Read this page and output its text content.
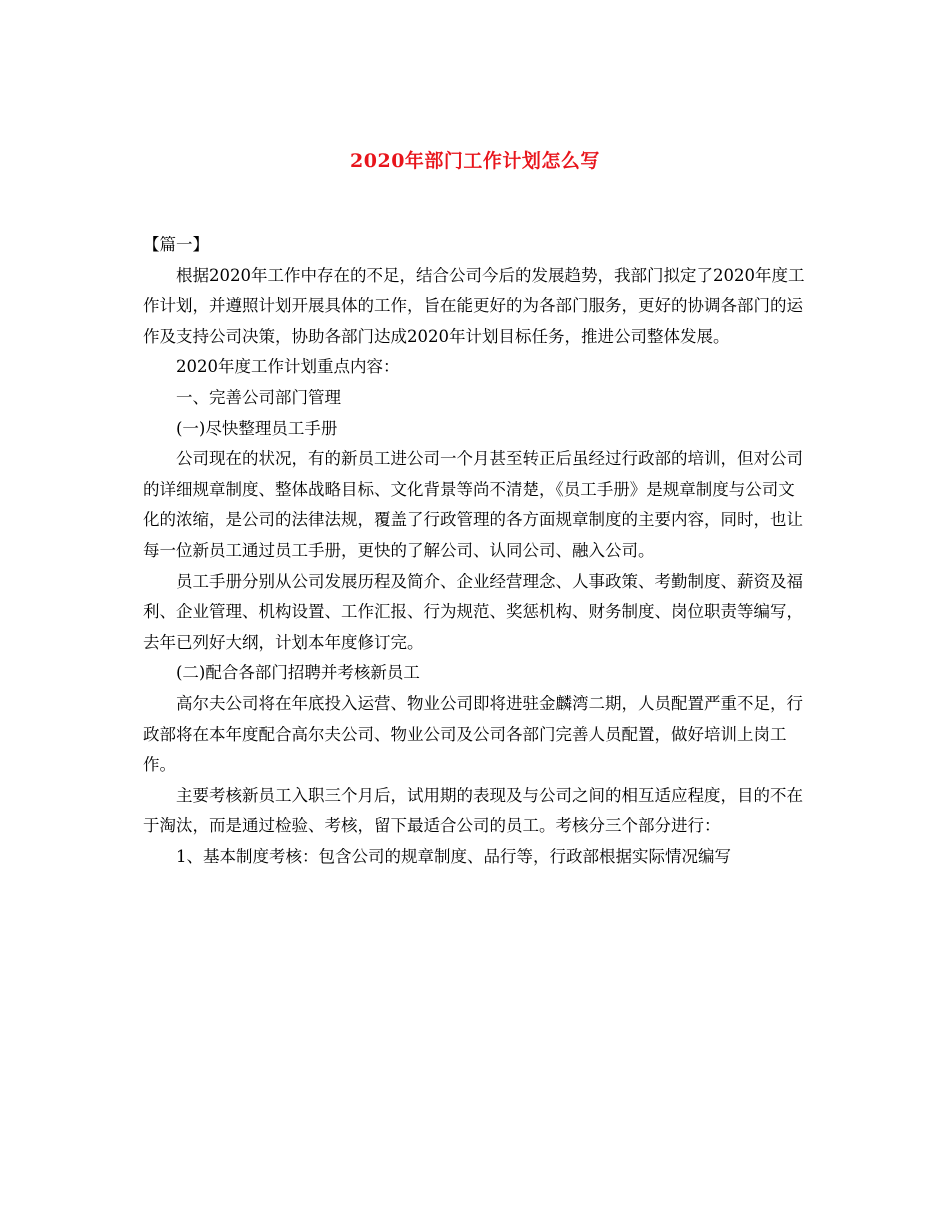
2020年部门工作计划怎么写

【篇一】

根据2020年工作中存在的不足，结合公司今后的发展趋势，我部门拟定了2020年度工作计划，并遵照计划开展具体的工作，旨在能更好的为各部门服务，更好的协调各部门的运作及支持公司决策，协助各部门达成2020年计划目标任务，推进公司整体发展。

2020年度工作计划重点内容：

一、完善公司部门管理

(一)尽快整理员工手册

公司现在的状况，有的新员工进公司一个月甚至转正后虽经过行政部的培训，但对公司的详细规章制度、整体战略目标、文化背景等尚不清楚，《员工手册》是规章制度与公司文化的浓缩，是公司的法律法规，覆盖了行政管理的各方面规章制度的主要内容，同时，也让每一位新员工通过员工手册，更快的了解公司、认同公司、融入公司。

员工手册分别从公司发展历程及简介、企业经营理念、人事政策、考勤制度、薪资及福利、企业管理、机构设置、工作汇报、行为规范、奖惩机构、财务制度、岗位职责等编写，去年已列好大纲，计划本年度修订完。

(二)配合各部门招聘并考核新员工

高尔夫公司将在年底投入运营、物业公司即将进驻金麟湾二期，人员配置严重不足，行政部将在本年度配合高尔夫公司、物业公司及公司各部门完善人员配置，做好培训上岗工作。

主要考核新员工入职三个月后，试用期的表现及与公司之间的相互适应程度，目的不在于淘汰，而是通过检验、考核，留下最适合公司的员工。考核分三个部分进行：

1、基本制度考核：包含公司的规章制度、品行等，行政部根据实际情况编写
